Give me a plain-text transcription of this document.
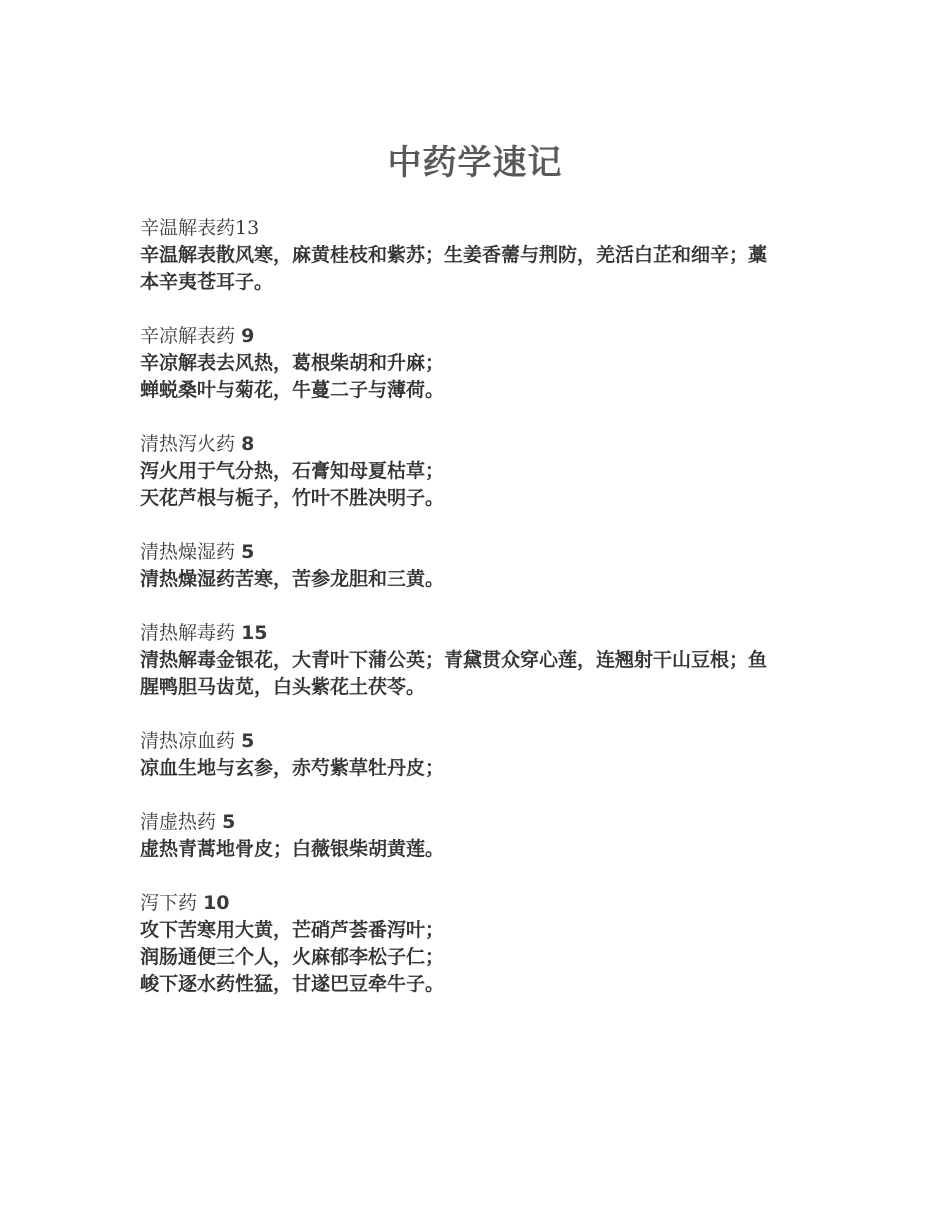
中药学速记
辛温解表药13
辛温解表散风寒，麻黄桂枝和紫苏；生姜香薷与荆防，羌活白芷和细辛；藁本辛夷苍耳子。
辛凉解表药 9
辛凉解表去风热，葛根柴胡和升麻；
蝉蜕桑叶与菊花，牛蔓二子与薄荷。
清热泻火药 8
泻火用于气分热，石膏知母夏枯草；
天花芦根与栀子，竹叶不胜决明子。
清热燥湿药 5
清热燥湿药苦寒，苦参龙胆和三黄。
清热解毒药 15
清热解毒金银花，大青叶下蒲公英；青黛贯众穿心莲，连翘射干山豆根；鱼腥鸭胆马齿苋，白头紫花土茯苓。
清热凉血药 5
凉血生地与玄参，赤芍紫草牡丹皮；
清虚热药 5
虚热青蒿地骨皮；白薇银柴胡黄莲。
泻下药 10
攻下苦寒用大黄，芒硝芦荟番泻叶；
润肠通便三个人，火麻郁李松子仁；
峻下逐水药性猛，甘遂巴豆牵牛子。
